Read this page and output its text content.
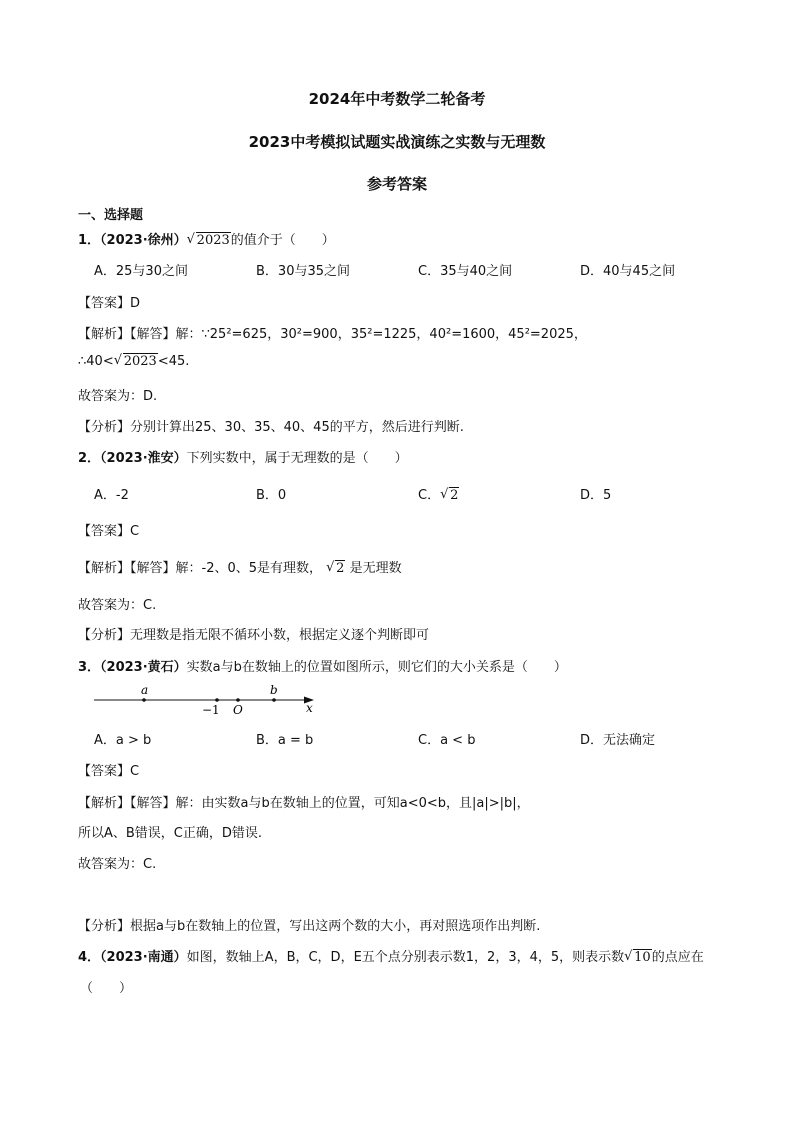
2024年中考数学二轮备考
2023中考模拟试题实战演练之实数与无理数
参考答案
一、选择题
1．（2023·徐州） √ 2023的值介于（　　）
A．25与30之间	B．30与35之间	C．35与40之间	D．40与45之间
【答案】D
【解析】【解答】解：∵25²=625，30²=900，35²=1225，40²=1600，45²=2025，
∴40< √ 2023<45.
故答案为：D.
【分析】分别计算出25、30、35、40、45的平方，然后进行判断.
2．（2023·淮安）下列实数中，属于无理数的是（　　）
A．-2	B．0	C． √ 2	D．5
【答案】C
【解析】【解答】解：-2、0、5是有理数， √ 2 是无理数
故答案为：C.
【分析】无理数是指无限不循环小数，根据定义逐个判断即可
3．（2023·黄石）实数a与b在数轴上的位置如图所示，则它们的大小关系是（　　）
a	b
−1 O	x
A．a > b	B．a = b	C．a < b	D．无法确定
【答案】C
【解析】【解答】解：由实数a与b在数轴上的位置，可知a<0<b，且|a|>|b|，
所以A、B错误，C正确，D错误.
故答案为：C.
【分析】根据a与b在数轴上的位置，写出这两个数的大小，再对照选项作出判断.
4．（2023·南通）如图，数轴上A，B，C，D，E五个点分别表示数1，2，3，4，5，则表示数 √ 10的点应在
（　　）
